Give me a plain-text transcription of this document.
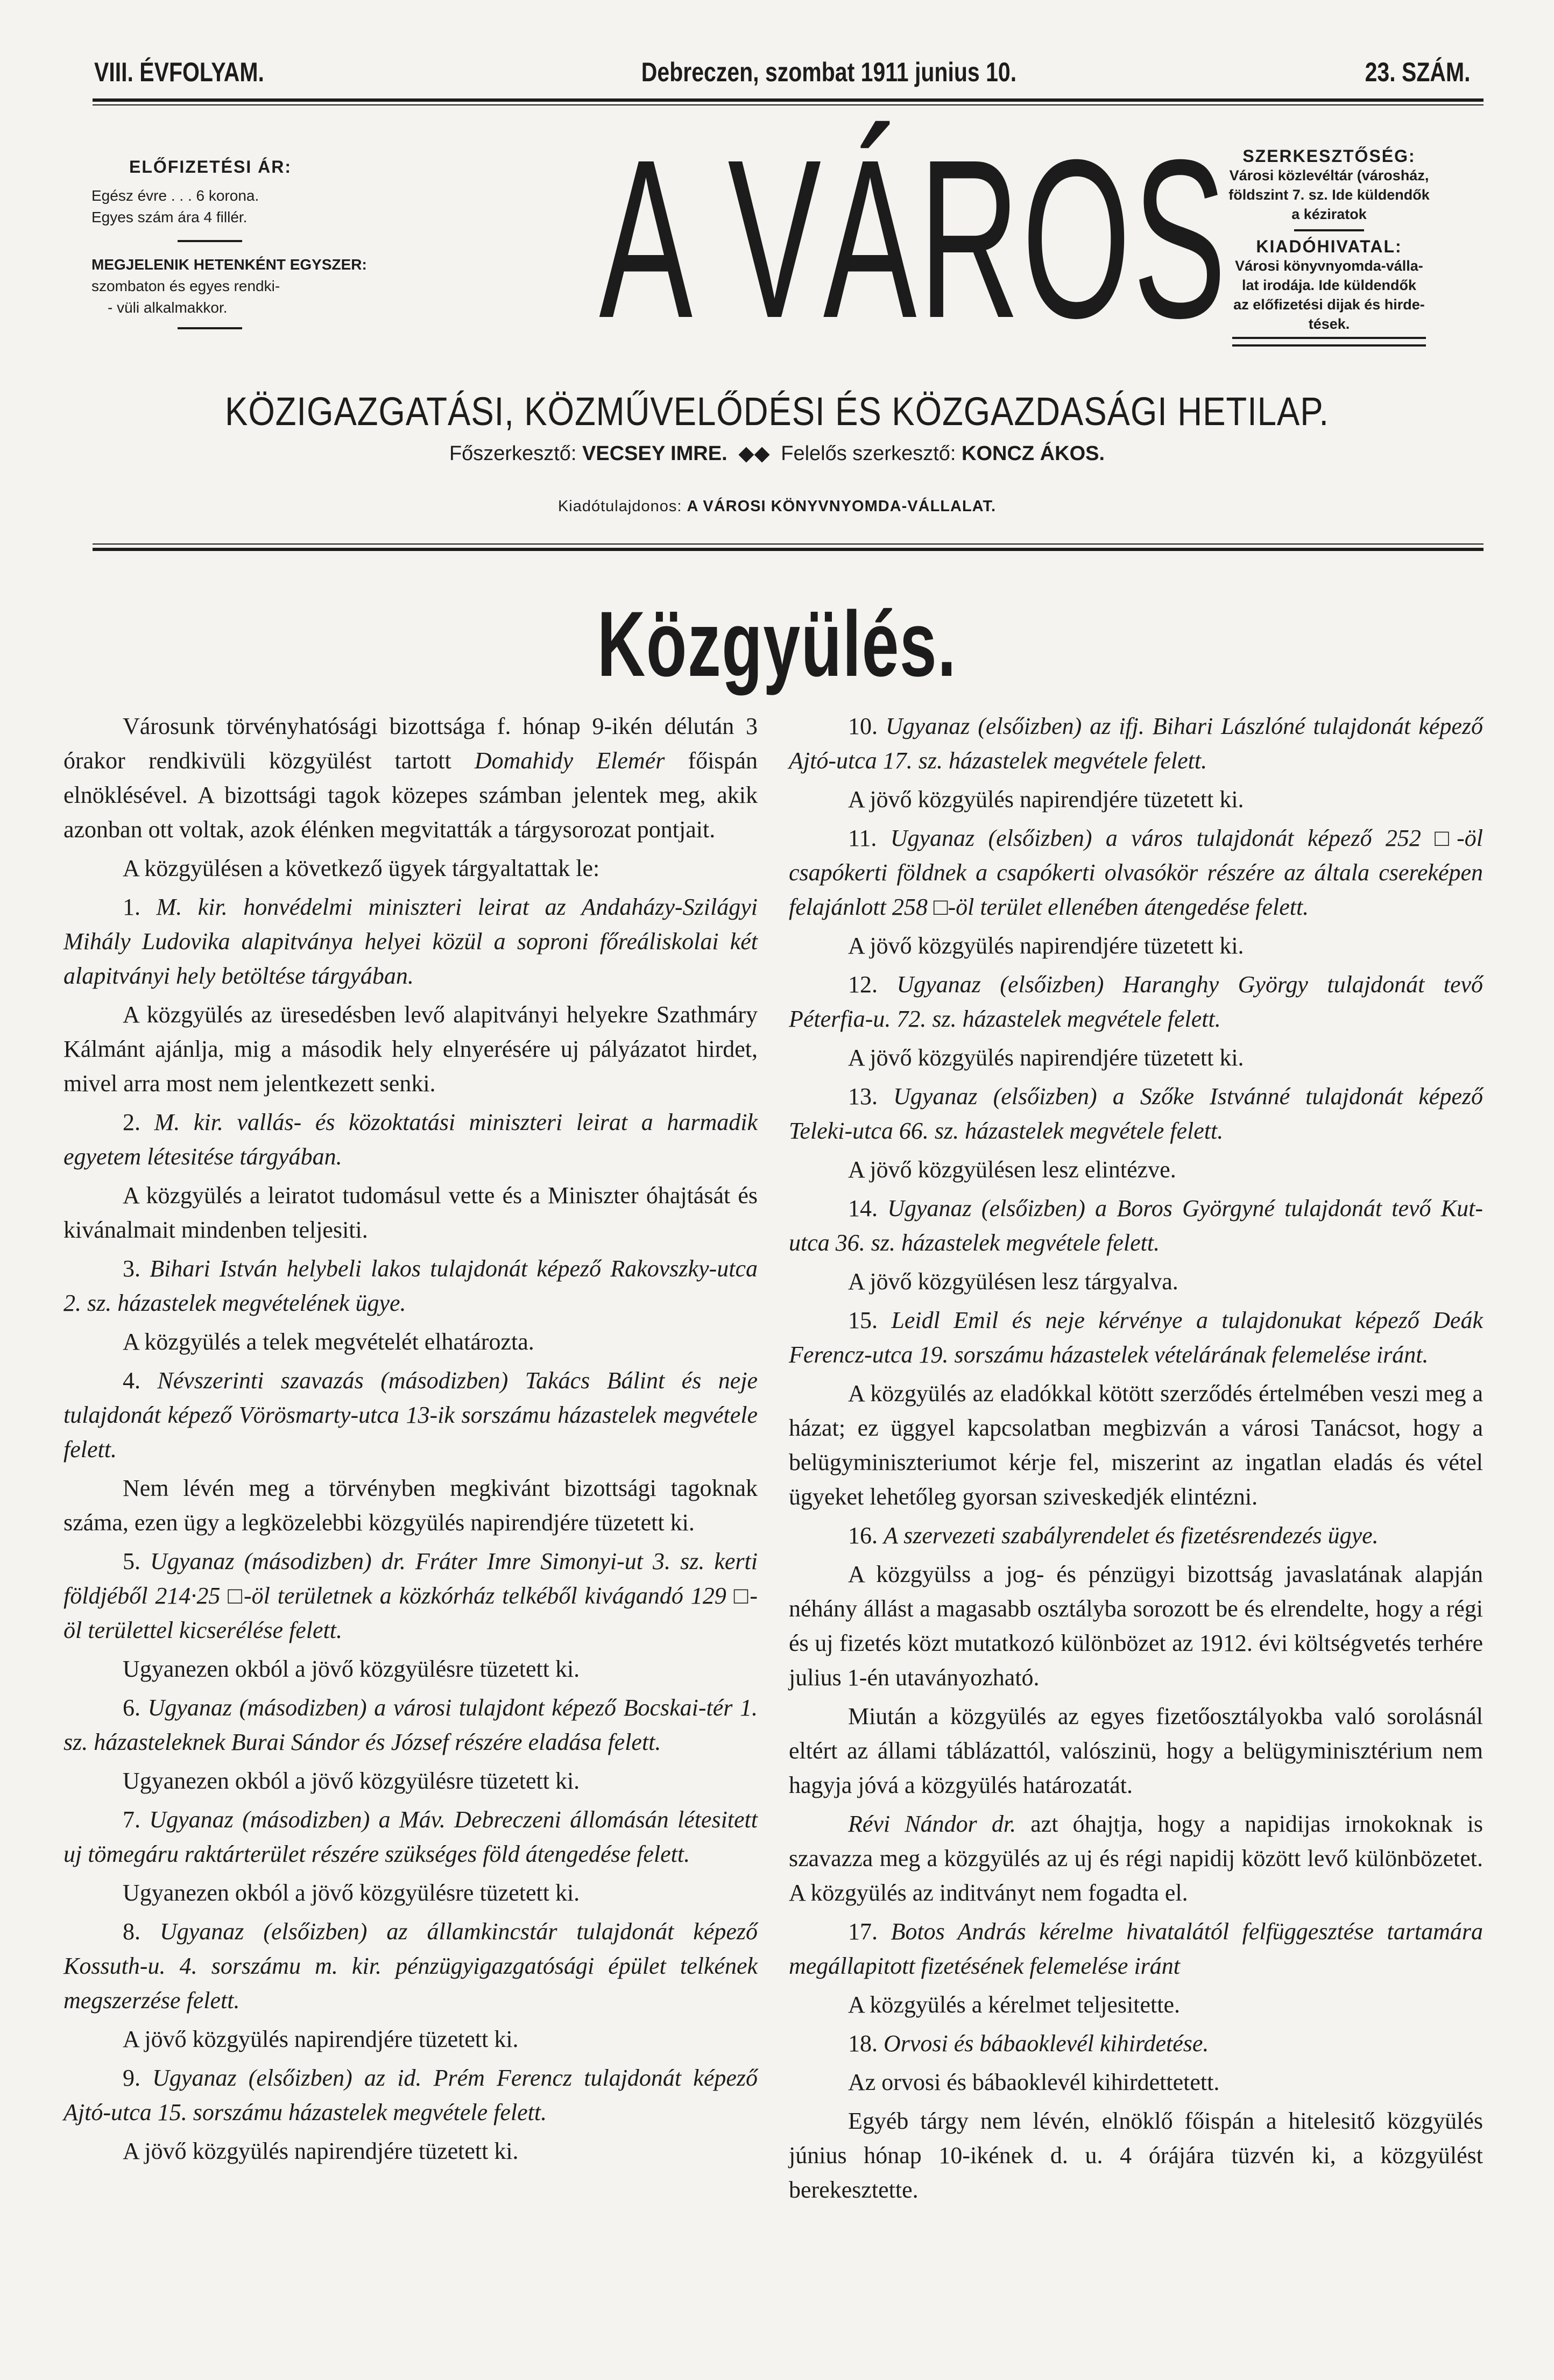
VIII. ÉVFOLYAM.	Debreczen, szombat 1911 junius 10.	23. SZÁM.
ELŐFIZETÉSI ÁR:
Egész évre . . . 6 korona.
Egyes szám ára 4 fillér.
MEGJELENIK HETENKÉNT EGYSZER:
szombaton és egyes rendki-
- vüli alkalmakkor.	A VÁROS SZERKESZTŐSÉG:
Városi közlevéltár (városház,
földszint 7. sz. Ide küldendők
a kéziratok
KIADÓHIVATAL:
Városi könyvnyomda-válla-
lat irodája. Ide küldendők
az előfizetési dijak és hirde-
tések.
KÖZIGAZGATÁSI, KÖZMŰVELŐDÉSI ÉS KÖZGAZDASÁGI HETILAP.
Főszerkesztő: VECSEY IMRE. ◆◆ Felelős szerkesztő: KONCZ ÁKOS.
Kiadótulajdonos: A VÁROSI KÖNYVNYOMDA-VÁLLALAT.
Közgyülés.

Városunk törvényhatósági bizottsága f. hónap 9-ikén délután 3 órakor rendkivüli közgyülést tartott Domahidy Elemér főispán elnöklésével. A bizottsági tagok közepes számban jelentek meg, akik azonban ott voltak, azok élénken megvitatták a tárgysorozat pontjait.

A közgyülésen a következő ügyek tárgyaltattak le:

1. M. kir. honvédelmi miniszteri leirat az Andaházy-Szilágyi Mihály Ludovika alapitványa helyei közül a soproni főreáliskolai két alapitványi hely betöltése tárgyában.

A közgyülés az üresedésben levő alapitványi helyekre Szathmáry Kálmánt ajánlja, mig a második hely elnyerésére uj pályázatot hirdet, mivel arra most nem jelentkezett senki.

2. M. kir. vallás- és közoktatási miniszteri leirat a harmadik egyetem létesitése tárgyában.

A közgyülés a leiratot tudomásul vette és a Miniszter óhajtását és kivánalmait mindenben teljesiti.

3. Bihari István helybeli lakos tulajdonát képező Rakovszky-utca 2. sz. házastelek megvételének ügye.

A közgyülés a telek megvételét elhatározta.

4. Névszerinti szavazás (másodizben) Takács Bálint és neje tulajdonát képező Vörösmarty-utca 13-ik sorszámu házastelek megvétele felett.

Nem lévén meg a törvényben megkivánt bizottsági tagoknak száma, ezen ügy a legközelebbi közgyülés napirendjére tüzetett ki.

5. Ugyanaz (másodizben) dr. Fráter Imre Simonyi-ut 3. sz. kerti földjéből 214·25 □-öl területnek a közkórház telkéből kivágandó 129 □-öl területtel kicserélése felett.

Ugyanezen okból a jövő közgyülésre tüzetett ki.

6. Ugyanaz (másodizben) a városi tulajdont képező Bocskai-tér 1. sz. házasteleknek Burai Sándor és József részére eladása felett.

Ugyanezen okból a jövő közgyülésre tüzetett ki.

7. Ugyanaz (másodizben) a Máv. Debreczeni állomásán létesitett uj tömegáru raktárterület részére szükséges föld átengedése felett.

Ugyanezen okból a jövő közgyülésre tüzetett ki.

8. Ugyanaz (elsőizben) az államkincstár tulajdonát képező Kossuth-u. 4. sorszámu m. kir. pénzügyigazgatósági épület telkének megszerzése felett.

A jövő közgyülés napirendjére tüzetett ki.

9. Ugyanaz (elsőizben) az id. Prém Ferencz tulajdonát képező Ajtó-utca 15. sorszámu házastelek megvétele felett.

A jövő közgyülés napirendjére tüzetett ki.

10. Ugyanaz (elsőizben) az ifj. Bihari Lászlóné tulajdonát képező Ajtó-utca 17. sz. házastelek megvétele felett.

A jövő közgyülés napirendjére tüzetett ki.

11. Ugyanaz (elsőizben) a város tulajdonát képező 252 □-öl csapókerti földnek a csapókerti olvasókör részére az általa csereképen felajánlott 258 □-öl terület ellenében átengedése felett.

A jövő közgyülés napirendjére tüzetett ki.

12. Ugyanaz (elsőizben) Haranghy György tulajdonát tevő Péterfia-u. 72. sz. házastelek megvétele felett.

A jövő közgyülés napirendjére tüzetett ki.

13. Ugyanaz (elsőizben) a Szőke Istvánné tulajdonát képező Teleki-utca 66. sz. házastelek megvétele felett.

A jövő közgyülésen lesz elintézve.

14. Ugyanaz (elsőizben) a Boros Györgyné tulajdonát tevő Kut-utca 36. sz. házastelek megvétele felett.

A jövő közgyülésen lesz tárgyalva.

15. Leidl Emil és neje kérvénye a tulajdonukat képező Deák Ferencz-utca 19. sorszámu házastelek vételárának felemelése iránt.

A közgyülés az eladókkal kötött szerződés értelmében veszi meg a házat; ez üggyel kapcsolatban megbizván a városi Tanácsot, hogy a belügyminiszteriumot kérje fel, miszerint az ingatlan eladás és vétel ügyeket lehetőleg gyorsan sziveskedjék elintézni.

16. A szervezeti szabályrendelet és fizetésrendezés ügye.

A közgyülss a jog- és pénzügyi bizottság javaslatának alapján néhány állást a magasabb osztályba sorozott be és elrendelte, hogy a régi és uj fizetés közt mutatkozó különbözet az 1912. évi költségvetés terhére julius 1-én utaványozható.

Miután a közgyülés az egyes fizetőosztályokba való sorolásnál eltért az állami táblázattól, valószinü, hogy a belügyminisztérium nem hagyja jóvá a közgyülés határozatát.

Révi Nándor dr. azt óhajtja, hogy a napidijas irnokoknak is szavazza meg a közgyülés az uj és régi napidij között levő különbözetet. A közgyülés az inditványt nem fogadta el.

17. Botos András kérelme hivatalától felfüggesztése tartamára megállapitott fizetésének felemelése iránt

A közgyülés a kérelmet teljesitette.

18. Orvosi és bábaoklevél kihirdetése.

Az orvosi és bábaoklevél kihirdettetett.

Egyéb tárgy nem lévén, elnöklő főispán a hitelesitő közgyülés június hónap 10-ikének d. u. 4 órájára tüzvén ki, a közgyülést berekesztette.
